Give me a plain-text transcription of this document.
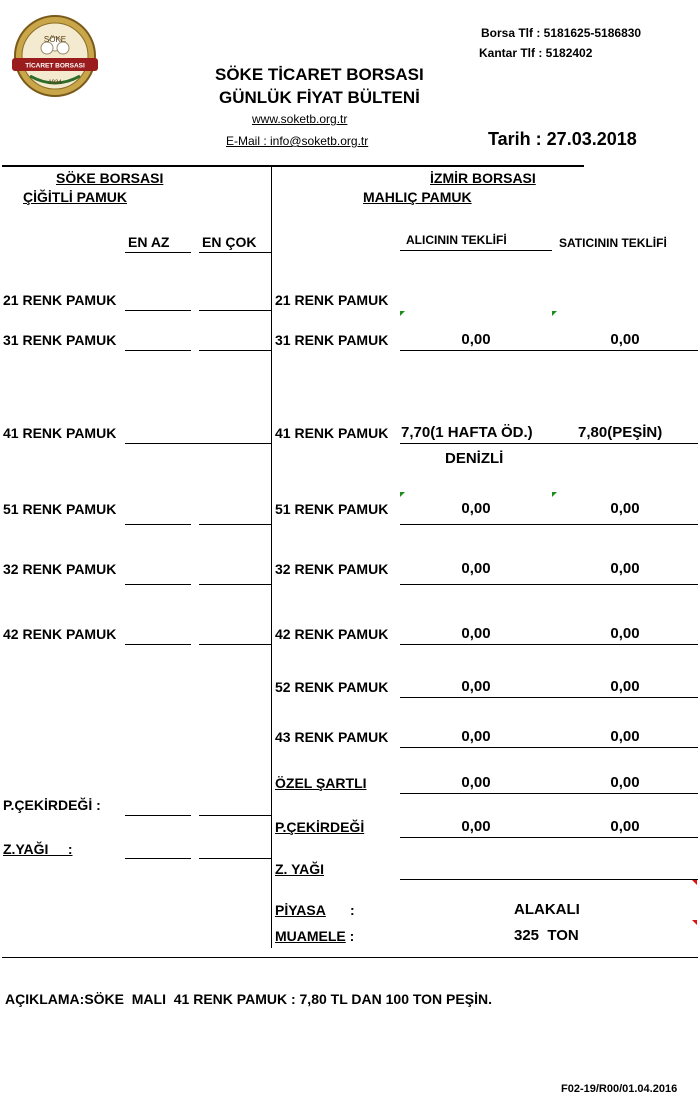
SÖKE
TİCARET BORSASI
1934	SÖKE TİCARET BORSASI
GÜNLÜK FİYAT BÜLTENİ
www.soketb.org.tr
E-Mail : info@soketb.org.tr
Borsa Tlf : 5181625-5186830
Kantar Tlf : 5182402
Tarih : 27.03.2018
SÖKE BORSASI
ÇİĞİTLİ PAMUK
EN AZ EN ÇOK
21 RENK PAMUK
31 RENK PAMUK
41 RENK PAMUK
51 RENK PAMUK
32 RENK PAMUK
42 RENK PAMUK
P.ÇEKİRDEĞİ :
Z.YAĞI     :
İZMİR BORSASI
MAHLIÇ PAMUK
ALICININ TEKLİFİ	SATICININ TEKLİFİ
21 RENK PAMUK
31 RENK PAMUK	0,00	0,00
41 RENK PAMUK 7,70(1 HAFTA ÖD.)	7,80(PEŞİN)
DENİZLİ
51 RENK PAMUK	0,00	0,00
32 RENK PAMUK	0,00	0,00
42 RENK PAMUK	0,00	0,00
52 RENK PAMUK	0,00	0,00
43 RENK PAMUK	0,00	0,00
ÖZEL ŞARTLI	0,00	0,00
P.ÇEKİRDEĞİ	0,00	0,00
Z. YAĞI
PİYASA :	ALAKALI
MUAMELE :	325  TON
AÇIKLAMA:SÖKE  MALI  41 RENK PAMUK : 7,80 TL DAN 100 TON PEŞİN.
F02-19/R00/01.04.2016
